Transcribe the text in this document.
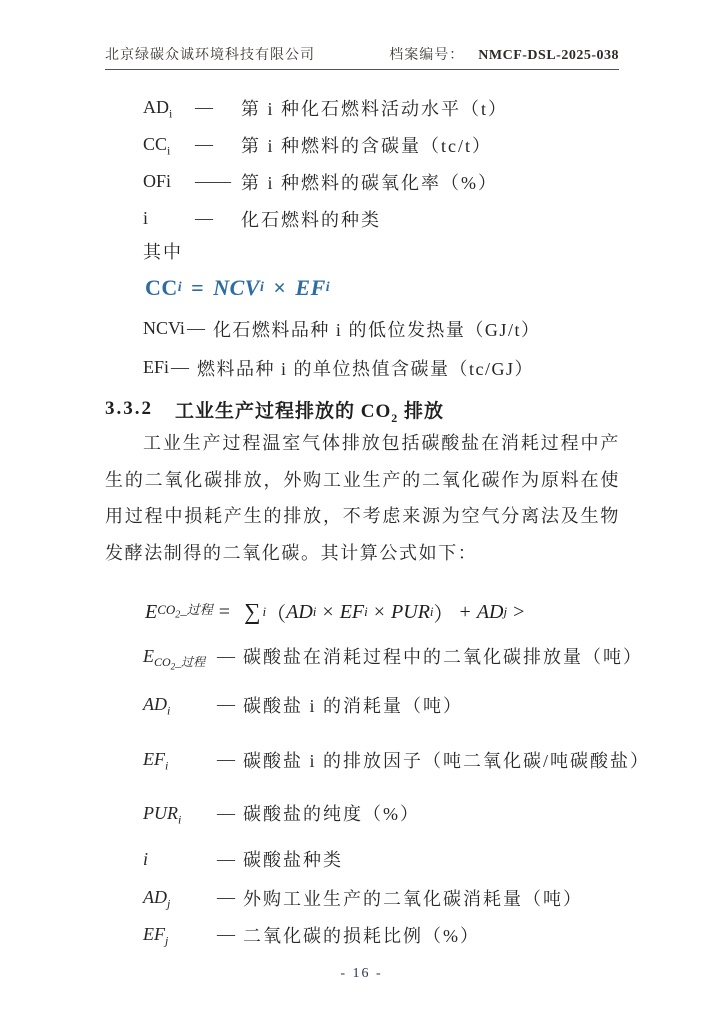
北京绿碳众诚环境科技有限公司	档案编号： NMCF-DSL-2025-038
$AD_i$	—	第 i 种化石燃料活动水平（t）
$CC_i$	—	第 i 种燃料的含碳量（tc/t）
OFi	—— 第 i 种燃料的碳氧化率（%）
i	—	化石燃料的种类
其中
CC i = NCV i × EF i
NCVi — 化石燃料品种 i 的低位发热量（GJ/t）
EFi — 燃料品种 i 的单位热值含碳量（tc/GJ）
3.3.2 工业生产过程排放的 $CO_2$ 排放

工业生产过程温室气体排放包括碳酸盐在消耗过程中产生的二氧化碳排放，外购工业生产的二氧化碳作为原料在使用过程中损耗产生的排放，不考虑来源为空气分离法及生物发酵法制得的二氧化碳。其计算公式如下：

E $CO_2\_$过程 = ∑ i （ AD i × EF i × PUR i ） + AD j >
$E_{CO_2\_过程}$ — 碳酸盐在消耗过程中的二氧化碳排放量（吨）
$AD_i$	— 碳酸盐 i 的消耗量（吨）
$EF_i$	— 碳酸盐 i 的排放因子（吨二氧化碳/吨碳酸盐）
$PUR_i$	— 碳酸盐的纯度（%）
i	— 碳酸盐种类
$AD_j$	— 外购工业生产的二氧化碳消耗量（吨）
$EF_j$	— 二氧化碳的损耗比例（%）
- 16 -
